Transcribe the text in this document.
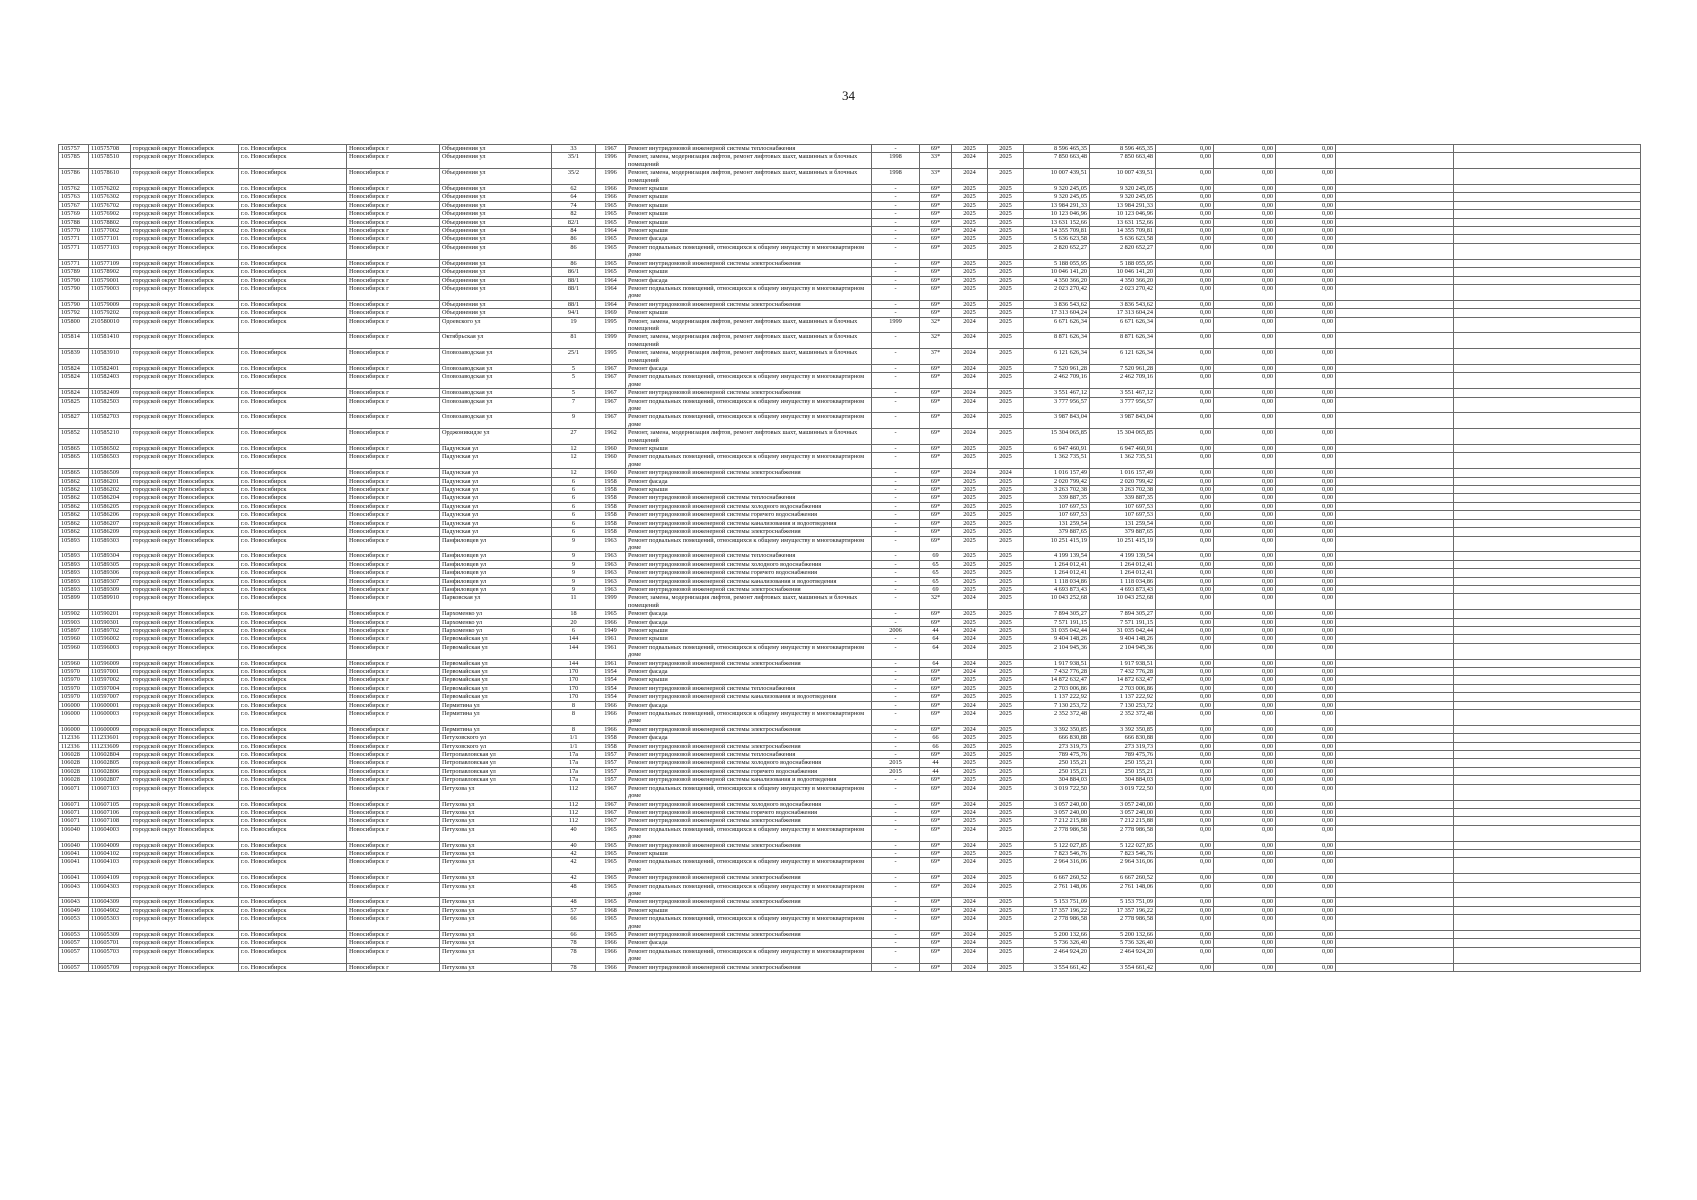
34
105757	110575708	городской округ Новосибирск	г.о. Новосибирск	Новосибирск г	Объединения ул	33	1967	Ремонт внутридомовой инженерной системы теплоснабжения	-	69*	2025	2025	8 596 465,35	8 596 465,35	0,00	0,00	0,00		
105785	110578510	городской округ Новосибирск	г.о. Новосибирск	Новосибирск г	Объединения ул	35/1	1996	Ремонт, замена, модернизация лифтов, ремонт лифтовых шахт, машинных и блочных помещений	1998	33*	2024	2025	7 850 663,48	7 850 663,48	0,00	0,00	0,00		
105786	110578610	городской округ Новосибирск	г.о. Новосибирск	Новосибирск г	Объединения ул	35/2	1996	Ремонт, замена, модернизация лифтов, ремонт лифтовых шахт, машинных и блочных помещений	1998	33*	2024	2025	10 007 439,51	10 007 439,51	0,00	0,00	0,00		
105762	110576202	городской округ Новосибирск	г.о. Новосибирск	Новосибирск г	Объединения ул	62	1966	Ремонт крыши	-	69*	2025	2025	9 320 245,05	9 320 245,05	0,00	0,00	0,00		
105763	110576302	городской округ Новосибирск	г.о. Новосибирск	Новосибирск г	Объединения ул	64	1966	Ремонт крыши	-	69*	2025	2025	9 320 245,05	9 320 245,05	0,00	0,00	0,00		
105767	110576702	городской округ Новосибирск	г.о. Новосибирск	Новосибирск г	Объединения ул	74	1965	Ремонт крыши	-	69*	2025	2025	13 984 291,33	13 984 291,33	0,00	0,00	0,00		
105769	110576902	городской округ Новосибирск	г.о. Новосибирск	Новосибирск г	Объединения ул	82	1965	Ремонт крыши	-	69*	2025	2025	10 123 046,96	10 123 046,96	0,00	0,00	0,00		
105788	110578802	городской округ Новосибирск	г.о. Новосибирск	Новосибирск г	Объединения ул	82/1	1965	Ремонт крыши	-	69*	2025	2025	13 631 152,66	13 631 152,66	0,00	0,00	0,00		
105770	110577002	городской округ Новосибирск	г.о. Новосибирск	Новосибирск г	Объединения ул	84	1964	Ремонт крыши	-	69*	2024	2025	14 355 709,81	14 355 709,81	0,00	0,00	0,00		
105771	110577101	городской округ Новосибирск	г.о. Новосибирск	Новосибирск г	Объединения ул	86	1965	Ремонт фасада	-	69*	2025	2025	5 636 623,58	5 636 623,58	0,00	0,00	0,00		
105771	110577103	городской округ Новосибирск	г.о. Новосибирск	Новосибирск г	Объединения ул	86	1965	Ремонт подвальных помещений, относящихся к общему имуществу в многоквартирном доме	-	69*	2025	2025	2 820 652,27	2 820 652,27	0,00	0,00	0,00		
105771	110577109	городской округ Новосибирск	г.о. Новосибирск	Новосибирск г	Объединения ул	86	1965	Ремонт внутридомовой инженерной системы электроснабжения	-	69*	2025	2025	5 188 055,95	5 188 055,95	0,00	0,00	0,00		
105789	110578902	городской округ Новосибирск	г.о. Новосибирск	Новосибирск г	Объединения ул	86/1	1965	Ремонт крыши	-	69*	2025	2025	10 046 141,20	10 046 141,20	0,00	0,00	0,00		
105790	110579001	городской округ Новосибирск	г.о. Новосибирск	Новосибирск г	Объединения ул	88/1	1964	Ремонт фасада	-	69*	2025	2025	4 350 366,20	4 350 366,20	0,00	0,00	0,00		
105790	110579003	городской округ Новосибирск	г.о. Новосибирск	Новосибирск г	Объединения ул	88/1	1964	Ремонт подвальных помещений, относящихся к общему имуществу в многоквартирном доме	-	69*	2025	2025	2 023 270,42	2 023 270,42	0,00	0,00	0,00		
105790	110579009	городской округ Новосибирск	г.о. Новосибирск	Новосибирск г	Объединения ул	88/1	1964	Ремонт внутридомовой инженерной системы электроснабжения	-	69*	2025	2025	3 836 543,62	3 836 543,62	0,00	0,00	0,00		
105792	110579202	городской округ Новосибирск	г.о. Новосибирск	Новосибирск г	Объединения ул	94/1	1969	Ремонт крыши	-	69*	2025	2025	17 313 604,24	17 313 604,24	0,00	0,00	0,00		
105800	210580010	городской округ Новосибирск	г.о. Новосибирск	Новосибирск г	Одоевского ул	19	1995	Ремонт, замена, модернизация лифтов, ремонт лифтовых шахт, машинных и блочных помещений	1999	32*	2024	2025	6 671 626,34	6 671 626,34	0,00	0,00	0,00		
105814	110581410	городской округ Новосибирск		Новосибирск г	Октябрьская ул	81	1999	Ремонт, замена, модернизация лифтов, ремонт лифтовых шахт, машинных и блочных помещений	-	32*	2024	2025	8 871 626,34	8 871 626,34	0,00	0,00	0,00		
105839	110583910	городской округ Новосибирск	г.о. Новосибирск	Новосибирск г	Оловозаводская ул	25/1	1995	Ремонт, замена, модернизация лифтов, ремонт лифтовых шахт, машинных и блочных помещений	-	37*	2024	2025	6 121 626,34	6 121 626,34	0,00	0,00	0,00		
105824	110582401	городской округ Новосибирск	г.о. Новосибирск	Новосибирск г	Оловозаводская ул	5	1967	Ремонт фасада	-	69*	2024	2025	7 520 961,28	7 520 961,28	0,00	0,00	0,00		
105824	110582403	городской округ Новосибирск	г.о. Новосибирск	Новосибирск г	Оловозаводская ул	5	1967	Ремонт подвальных помещений, относящихся к общему имуществу в многоквартирном доме	-	69*	2024	2025	2 462 709,16	2 462 709,16	0,00	0,00	0,00		
105824	110582409	городской округ Новосибирск	г.о. Новосибирск	Новосибирск г	Оловозаводская ул	5	1967	Ремонт внутридомовой инженерной системы электроснабжения	-	69*	2024	2025	3 551 467,12	3 551 467,12	0,00	0,00	0,00		
105825	110582503	городской округ Новосибирск	г.о. Новосибирск	Новосибирск г	Оловозаводская ул	7	1967	Ремонт подвальных помещений, относящихся к общему имуществу в многоквартирном доме	-	69*	2024	2025	3 777 956,57	3 777 956,57	0,00	0,00	0,00		
105827	110582703	городской округ Новосибирск	г.о. Новосибирск	Новосибирск г	Оловозаводская ул	9	1967	Ремонт подвальных помещений, относящихся к общему имуществу в многоквартирном доме	-	69*	2024	2025	3 987 843,04	3 987 843,04	0,00	0,00	0,00		
105852	110585210	городской округ Новосибирск	г.о. Новосибирск	Новосибирск г	Орджоникидзе ул	27	1962	Ремонт, замена, модернизация лифтов, ремонт лифтовых шахт, машинных и блочных помещений	-	69*	2024	2025	15 304 065,85	15 304 065,85	0,00	0,00	0,00		
105865	110586502	городской округ Новосибирск	г.о. Новосибирск	Новосибирск г	Падунская ул	12	1960	Ремонт крыши	-	69*	2025	2025	6 947 460,91	6 947 460,91	0,00	0,00	0,00		
105865	110586503	городской округ Новосибирск	г.о. Новосибирск	Новосибирск г	Падунская ул	12	1960	Ремонт подвальных помещений, относящихся к общему имуществу в многоквартирном доме	-	69*	2025	2025	1 362 735,51	1 362 735,51	0,00	0,00	0,00		
105865	110586509	городской округ Новосибирск	г.о. Новосибирск	Новосибирск г	Падунская ул	12	1960	Ремонт внутридомовой инженерной системы электроснабжения	-	69*	2024	2024	1 016 157,49	1 016 157,49	0,00	0,00	0,00		
105862	110586201	городской округ Новосибирск	г.о. Новосибирск	Новосибирск г	Падунская ул	6	1958	Ремонт фасада	-	69*	2025	2025	2 020 799,42	2 020 799,42	0,00	0,00	0,00		
105862	110586202	городской округ Новосибирск	г.о. Новосибирск	Новосибирск г	Падунская ул	6	1958	Ремонт крыши	-	69*	2025	2025	3 263 702,38	3 263 702,38	0,00	0,00	0,00		
105862	110586204	городской округ Новосибирск	г.о. Новосибирск	Новосибирск г	Падунская ул	6	1958	Ремонт внутридомовой инженерной системы теплоснабжения	-	69*	2025	2025	339 887,35	339 887,35	0,00	0,00	0,00		
105862	110586205	городской округ Новосибирск	г.о. Новосибирск	Новосибирск г	Падунская ул	6	1958	Ремонт внутридомовой инженерной системы холодного водоснабжения	-	69*	2025	2025	107 697,53	107 697,53	0,00	0,00	0,00		
105862	110586206	городской округ Новосибирск	г.о. Новосибирск	Новосибирск г	Падунская ул	6	1958	Ремонт внутридомовой инженерной системы горячего водоснабжения	-	69*	2025	2025	107 697,53	107 697,53	0,00	0,00	0,00		
105862	110586207	городской округ Новосибирск	г.о. Новосибирск	Новосибирск г	Падунская ул	6	1958	Ремонт внутридомовой инженерной системы канализования и водоотведения	-	69*	2025	2025	131 259,54	131 259,54	0,00	0,00	0,00		
105862	110586209	городской округ Новосибирск	г.о. Новосибирск	Новосибирск г	Падунская ул	6	1958	Ремонт внутридомовой инженерной системы электроснабжения	-	69*	2025	2025	379 887,65	379 887,65	0,00	0,00	0,00		
105893	110589303	городской округ Новосибирск	г.о. Новосибирск	Новосибирск г	Панфиловцев ул	9	1963	Ремонт подвальных помещений, относящихся к общему имуществу в многоквартирном доме	-	69*	2025	2025	10 251 415,19	10 251 415,19	0,00	0,00	0,00		
105893	110589304	городской округ Новосибирск	г.о. Новосибирск	Новосибирск г	Панфиловцев ул	9	1963	Ремонт внутридомовой инженерной системы теплоснабжения	-	69	2025	2025	4 199 139,54	4 199 139,54	0,00	0,00	0,00		
105893	110589305	городской округ Новосибирск	г.о. Новосибирск	Новосибирск г	Панфиловцев ул	9	1963	Ремонт внутридомовой инженерной системы холодного водоснабжения	-	65	2025	2025	1 264 012,41	1 264 012,41	0,00	0,00	0,00		
105893	110589306	городской округ Новосибирск	г.о. Новосибирск	Новосибирск г	Панфиловцев ул	9	1963	Ремонт внутридомовой инженерной системы горячего водоснабжения	-	65	2025	2025	1 264 012,41	1 264 012,41	0,00	0,00	0,00		
105893	110589307	городской округ Новосибирск	г.о. Новосибирск	Новосибирск г	Панфиловцев ул	9	1963	Ремонт внутридомовой инженерной системы канализования и водоотведения	-	65	2025	2025	1 118 034,86	1 118 034,86	0,00	0,00	0,00		
105893	110589309	городской округ Новосибирск	г.о. Новосибирск	Новосибирск г	Панфиловцев ул	9	1963	Ремонт внутридомовой инженерной системы электроснабжения	-	69	2025	2025	4 693 873,43	4 693 873,43	0,00	0,00	0,00		
105899	110589910	городской округ Новосибирск	г.о. Новосибирск	Новосибирск г	Парковская ул	11	1999	Ремонт, замена, модернизация лифтов, ремонт лифтовых шахт, машинных и блочных помещений	-	32*	2024	2025	10 043 252,68	10 043 252,68	0,00	0,00	0,00		
105902	110590201	городской округ Новосибирск	г.о. Новосибирск	Новосибирск г	Пархоменко ул	18	1965	Ремонт фасада	-	69*	2025	2025	7 894 305,27	7 894 305,27	0,00	0,00	0,00		
105903	110590301	городской округ Новосибирск	г.о. Новосибирск	Новосибирск г	Пархоменко ул	20	1966	Ремонт фасада	-	69*	2025	2025	7 571 191,15	7 571 191,15	0,00	0,00	0,00		
105897	110589702	городской округ Новосибирск	г.о. Новосибирск	Новосибирск г	Пархоменко ул	6	1949	Ремонт крыши	2006	44	2024	2025	31 035 042,44	31 035 042,44	0,00	0,00	0,00		
105960	110596002	городской округ Новосибирск	г.о. Новосибирск	Новосибирск г	Первомайская ул	144	1961	Ремонт крыши	-	64	2024	2025	9 404 148,26	9 404 148,26	0,00	0,00	0,00		
105960	110596003	городской округ Новосибирск	г.о. Новосибирск	Новосибирск г	Первомайская ул	144	1961	Ремонт подвальных помещений, относящихся к общему имуществу в многоквартирном доме	-	64	2024	2025	2 104 945,36	2 104 945,36	0,00	0,00	0,00		
105960	110596009	городской округ Новосибирск	г.о. Новосибирск	Новосибирск г	Первомайская ул	144	1961	Ремонт внутридомовой инженерной системы электроснабжения	-	64	2024	2025	1 917 938,51	1 917 938,51	0,00	0,00	0,00		
105970	110597001	городской округ Новосибирск	г.о. Новосибирск	Новосибирск г	Первомайская ул	170	1954	Ремонт фасада	-	69*	2024	2025	7 432 776,28	7 432 776,28	0,00	0,00	0,00		
105970	110597002	городской округ Новосибирск	г.о. Новосибирск	Новосибирск г	Первомайская ул	170	1954	Ремонт крыши	-	69*	2025	2025	14 872 632,47	14 872 632,47	0,00	0,00	0,00		
105970	110597004	городской округ Новосибирск	г.о. Новосибирск	Новосибирск г	Первомайская ул	170	1954	Ремонт внутридомовой инженерной системы теплоснабжения	-	69*	2025	2025	2 703 006,86	2 703 006,86	0,00	0,00	0,00		
105970	110597007	городской округ Новосибирск	г.о. Новосибирск	Новосибирск г	Первомайская ул	170	1954	Ремонт внутридомовой инженерной системы канализования и водоотведения	-	69*	2025	2025	1 137 222,92	1 137 222,92	0,00	0,00	0,00		
106000	110600001	городской округ Новосибирск	г.о. Новосибирск	Новосибирск г	Пермитина ул	8	1966	Ремонт фасада	-	69*	2024	2025	7 130 253,72	7 130 253,72	0,00	0,00	0,00		
106000	110600003	городской округ Новосибирск	г.о. Новосибирск	Новосибирск г	Пермитина ул	8	1966	Ремонт подвальных помещений, относящихся к общему имуществу в многоквартирном доме	-	69*	2024	2025	2 352 372,48	2 352 372,48	0,00	0,00	0,00		
106000	110600009	городской округ Новосибирск	г.о. Новосибирск	Новосибирск г	Пермитина ул	8	1966	Ремонт внутридомовой инженерной системы электроснабжения	-	69*	2024	2025	3 392 350,85	3 392 350,85	0,00	0,00	0,00		
112336	111233601	городской округ Новосибирск	г.о. Новосибирск	Новосибирск г	Петуховского ул	1/1	1958	Ремонт фасада	-	66	2025	2025	666 830,88	666 830,88	0,00	0,00	0,00		
112336	111233609	городской округ Новосибирск	г.о. Новосибирск	Новосибирск г	Петуховского ул	1/1	1958	Ремонт внутридомовой инженерной системы электроснабжения	-	66	2025	2025	273 319,73	273 319,73	0,00	0,00	0,00		
106028	110602804	городской округ Новосибирск	г.о. Новосибирск	Новосибирск г	Петропавловская ул	17а	1957	Ремонт внутридомовой инженерной системы теплоснабжения	-	69*	2025	2025	789 475,76	789 475,76	0,00	0,00	0,00		
106028	110602805	городской округ Новосибирск	г.о. Новосибирск	Новосибирск г	Петропавловская ул	17а	1957	Ремонт внутридомовой инженерной системы холодного водоснабжения	2015	44	2025	2025	250 155,21	250 155,21	0,00	0,00	0,00		
106028	110602806	городской округ Новосибирск	г.о. Новосибирск	Новосибирск г	Петропавловская ул	17а	1957	Ремонт внутридомовой инженерной системы горячего водоснабжения	2015	44	2025	2025	250 155,21	250 155,21	0,00	0,00	0,00		
106028	110602807	городской округ Новосибирск	г.о. Новосибирск	Новосибирск г	Петропавловская ул	17а	1957	Ремонт внутридомовой инженерной системы канализования и водоотведения	-	69*	2025	2025	304 884,03	304 884,03	0,00	0,00	0,00		
106071	110607103	городской округ Новосибирск	г.о. Новосибирск	Новосибирск г	Петухова ул	112	1967	Ремонт подвальных помещений, относящихся к общему имуществу в многоквартирном доме	-	69*	2024	2025	3 019 722,50	3 019 722,50	0,00	0,00	0,00		
106071	110607105	городской округ Новосибирск	г.о. Новосибирск	Новосибирск г	Петухова ул	112	1967	Ремонт внутридомовой инженерной системы холодного водоснабжения	-	69*	2024	2025	3 057 240,00	3 057 240,00	0,00	0,00	0,00		
106071	110607106	городской округ Новосибирск	г.о. Новосибирск	Новосибирск г	Петухова ул	112	1967	Ремонт внутридомовой инженерной системы горячего водоснабжения	-	69*	2024	2025	3 057 240,00	3 057 240,00	0,00	0,00	0,00		
106071	110607108	городской округ Новосибирск	г.о. Новосибирск	Новосибирск г	Петухова ул	112	1967	Ремонт внутридомовой инженерной системы электроснабжения	-	69*	2025	2025	7 212 215,88	7 212 215,88	0,00	0,00	0,00		
106040	110604003	городской округ Новосибирск	г.о. Новосибирск	Новосибирск г	Петухова ул	40	1965	Ремонт подвальных помещений, относящихся к общему имуществу в многоквартирном доме	-	69*	2024	2025	2 778 986,58	2 778 986,58	0,00	0,00	0,00		
106040	110604009	городской округ Новосибирск	г.о. Новосибирск	Новосибирск г	Петухова ул	40	1965	Ремонт внутридомовой инженерной системы электроснабжения	-	69*	2024	2025	5 122 027,85	5 122 027,85	0,00	0,00	0,00		
106041	110604102	городской округ Новосибирск	г.о. Новосибирск	Новосибирск г	Петухова ул	42	1965	Ремонт крыши	-	69*	2025	2025	7 823 546,76	7 823 546,76	0,00	0,00	0,00		
106041	110604103	городской округ Новосибирск	г.о. Новосибирск	Новосибирск г	Петухова ул	42	1965	Ремонт подвальных помещений, относящихся к общему имуществу в многоквартирном доме	-	69*	2024	2025	2 964 316,06	2 964 316,06	0,00	0,00	0,00		
106041	110604109	городской округ Новосибирск	г.о. Новосибирск	Новосибирск г	Петухова ул	42	1965	Ремонт внутридомовой инженерной системы электроснабжения	-	69*	2024	2025	6 667 260,52	6 667 260,52	0,00	0,00	0,00		
106043	110604303	городской округ Новосибирск	г.о. Новосибирск	Новосибирск г	Петухова ул	48	1965	Ремонт подвальных помещений, относящихся к общему имуществу в многоквартирном доме	-	69*	2024	2025	2 761 148,06	2 761 148,06	0,00	0,00	0,00		
106043	110604309	городской округ Новосибирск	г.о. Новосибирск	Новосибирск г	Петухова ул	48	1965	Ремонт внутридомовой инженерной системы электроснабжения	-	69*	2024	2025	5 153 751,09	5 153 751,09	0,00	0,00	0,00		
106049	110604902	городской округ Новосибирск	г.о. Новосибирск	Новосибирск г	Петухова ул	57	1968	Ремонт крыши	-	69*	2024	2025	17 357 196,22	17 357 196,22	0,00	0,00	0,00		
106053	110605303	городской округ Новосибирск	г.о. Новосибирск	Новосибирск г	Петухова ул	66	1965	Ремонт подвальных помещений, относящихся к общему имуществу в многоквартирном доме	-	69*	2024	2025	2 778 986,58	2 778 986,58	0,00	0,00	0,00		
106053	110605309	городской округ Новосибирск	г.о. Новосибирск	Новосибирск г	Петухова ул	66	1965	Ремонт внутридомовой инженерной системы электроснабжения	-	69*	2024	2025	5 200 132,66	5 200 132,66	0,00	0,00	0,00		
106057	110605701	городской округ Новосибирск	г.о. Новосибирск	Новосибирск г	Петухова ул	78	1966	Ремонт фасада	-	69*	2024	2025	5 736 326,40	5 736 326,40	0,00	0,00	0,00		
106057	110605703	городской округ Новосибирск	г.о. Новосибирск	Новосибирск г	Петухова ул	78	1966	Ремонт подвальных помещений, относящихся к общему имуществу в многоквартирном доме	-	69*	2024	2025	2 464 924,20	2 464 924,20	0,00	0,00	0,00		
106057	110605709	городской округ Новосибирск	г.о. Новосибирск	Новосибирск г	Петухова ул	78	1966	Ремонт внутридомовой инженерной системы электроснабжения	-	69*	2024	2025	3 554 661,42	3 554 661,42	0,00	0,00	0,00		
